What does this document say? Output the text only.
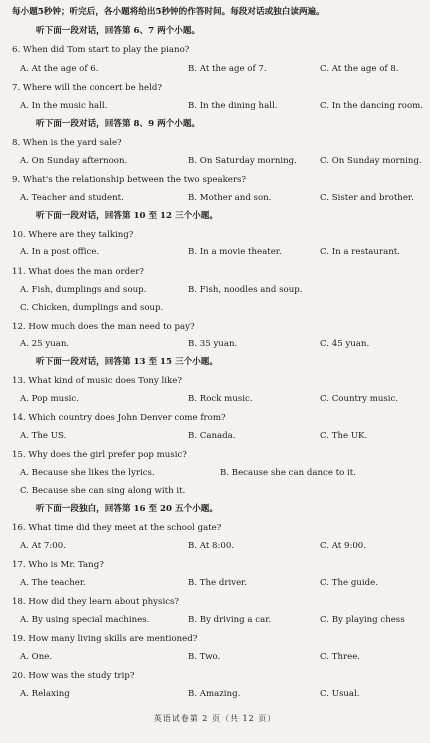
每小题5秒钟；听完后，各小题将给出5秒钟的作答时间。每段对话或独白读两遍。
听下面一段对话，回答第 6、7 两个小题。
6. When did Tom start to play the piano?
A. At the age of 6.	B. At the age of 7.	C. At the age of 8.
7. Where will the concert be held?
A. In the music hall.	B. In the dining hall.	C. In the dancing room.
听下面一段对话，回答第 8、9 两个小题。
8. When is the yard sale?
A. On Sunday afternoon.	B. On Saturday morning.	C. On Sunday morning.
9. What's the relationship between the two speakers?
A. Teacher and student.	B. Mother and son.	C. Sister and brother.
听下面一段对话，回答第 10 至 12 三个小题。
10. Where are they talking?
A. In a post office.	B. In a movie theater.	C. In a restaurant.
11. What does the man order?
A. Fish, dumplings and soup.	B. Fish, noodles and soup.
C. Chicken, dumplings and soup.
12. How much does the man need to pay?
A. 25 yuan.	B. 35 yuan.	C. 45 yuan.
听下面一段对话，回答第 13 至 15 三个小题。
13. What kind of music does Tony like?
A. Pop music.	B. Rock music.	C. Country music.
14. Which country does John Denver come from?
A. The US.	B. Canada.	C. The UK.
15. Why does the girl prefer pop music?
A. Because she likes the lyrics.	B. Because she can dance to it.
C. Because she can sing along with it.
听下面一段独白，回答第 16 至 20 五个小题。
16. What time did they meet at the school gate?
A. At 7:00.	B. At 8:00.	C. At 9:00.
17. Who is Mr. Tang?
A. The teacher.	B. The driver.	C. The guide.
18. How did they learn about physics?
A. By using special machines.	B. By driving a car.	C. By playing chess
19. How many living skills are mentioned?
A. One.	B. Two.	C. Three.
20. How was the study trip?
A. Relaxing	B. Amazing.	C. Usual.
英语试卷第 2 页（共 12 页）
